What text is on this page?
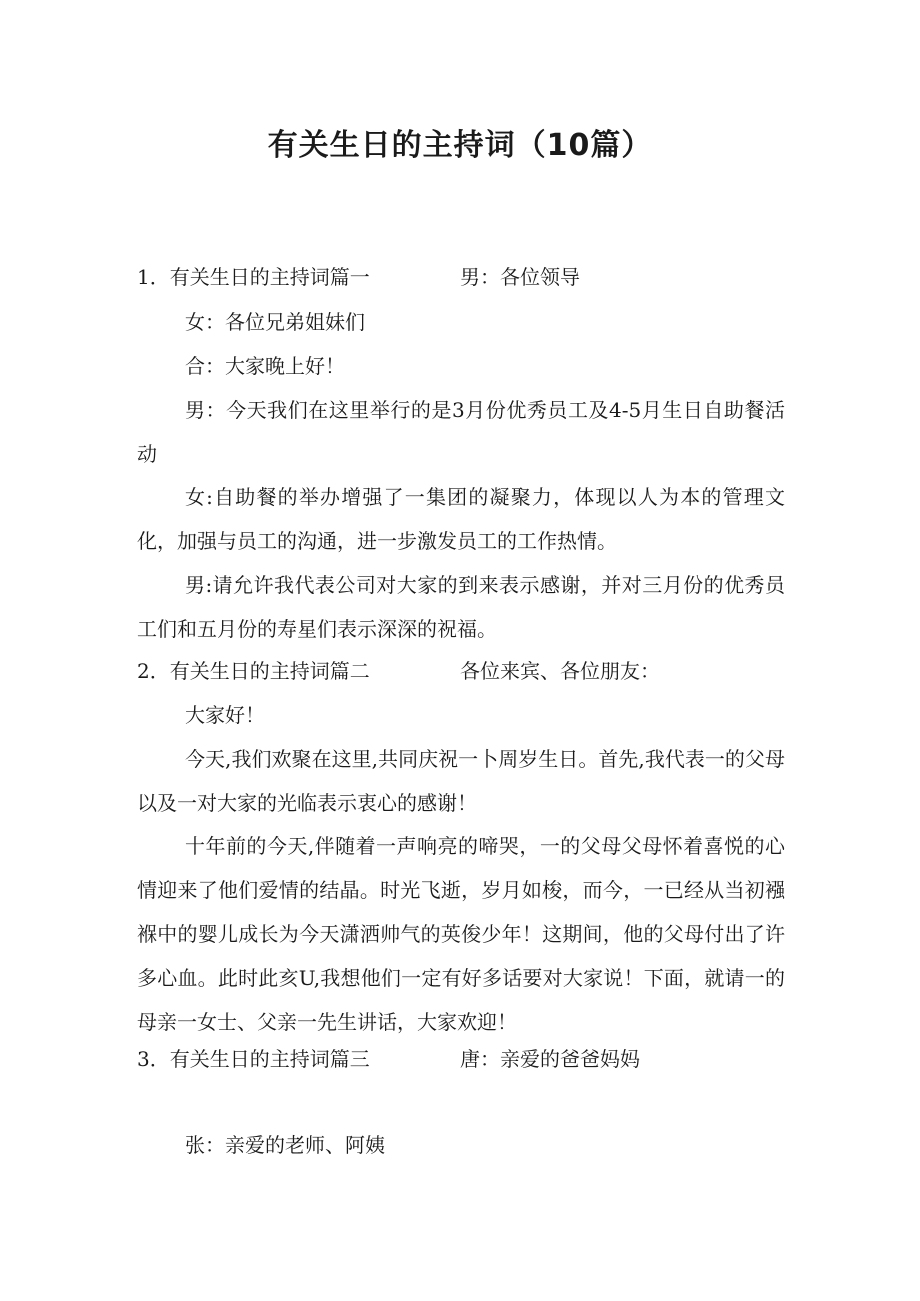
有关生日的主持词（10篇）
1．有关生日的主持词篇一	男：各位领导
女：各位兄弟姐妹们
合：大家晚上好！

男：今天我们在这里举行的是3月份优秀员工及4-5月生日自助餐活动

女:自助餐的举办增强了一集团的凝聚力，体现以人为本的管理文化，加强与员工的沟通，进一步激发员工的工作热情。

男:请允许我代表公司对大家的到来表示感谢，并对三月份的优秀员工们和五月份的寿星们表示深深的祝福。

2．有关生日的主持词篇二	各位来宾、各位朋友：
大家好！

今天,我们欢聚在这里,共同庆祝一卜周岁生日。首先,我代表一的父母以及一对大家的光临表示衷心的感谢！

十年前的今天,伴随着一声响亮的啼哭，一的父母父母怀着喜悦的心情迎来了他们爱情的结晶。时光飞逝，岁月如梭，而今，一已经从当初襁褓中的婴儿成长为今天潇洒帅气的英俊少年！这期间，他的父母付出了许多心血。此时此亥U,我想他们一定有好多话要对大家说！下面，就请一的母亲一女士、父亲一先生讲话，大家欢迎！

3．有关生日的主持词篇三	唐：亲爱的爸爸妈妈
张：亲爱的老师、阿姨
